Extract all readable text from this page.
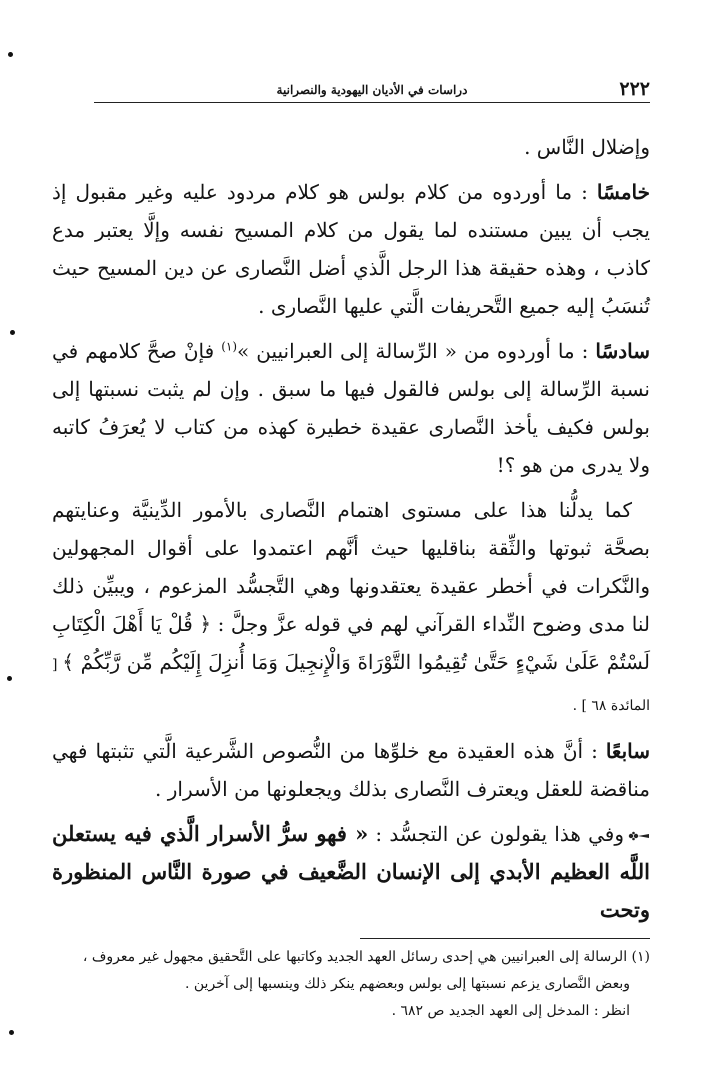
٢٢٢
دراسات في الأديان اليهودية والنصرانية

وإضلال النَّاس .

خامسًا : ما أوردوه من كلام بولس هو كلام مردود عليه وغير مقبول إذ يجب أن يبين مستنده لما يقول من كلام المسيح نفسه وإلَّا يعتبر مدع كاذب ، وهذه حقيقة هذا الرجل الَّذي أضل النَّصارى عن دين المسيح حيث تُنسَبُ إليه جميع التَّحريفات الَّتي عليها النَّصارى .

سادسًا : ما أوردوه من « الرِّسالة إلى العبرانيين »$^{(١)}$ فإنْ صحَّ كلامهم في نسبة الرِّسالة إلى بولس فالقول فيها ما سبق . وإن لم يثبت نسبتها إلى بولس فكيف يأخذ النَّصارى عقيدة خطيرة كهذه من كتاب لا يُعرَفُ كاتبه ولا يدرى من هو ؟!

كما يدلُّنا هذا على مستوى اهتمام النَّصارى بالأمور الدِّينيَّة وعنايتهم بصحَّة ثبوتها والثِّقة بناقليها حيث أنَّهم اعتمدوا على أقوال المجهولين والنَّكرات في أخطر عقيدة يعتقدونها وهي التَّجسُّد المزعوم ، ويبيِّن ذلك لنا مدى وضوح النِّداء القرآني لهم في قوله عزَّ وجلَّ : ﴿ قُلْ يَا أَهْلَ الْكِتَابِ لَسْتُمْ عَلَىٰ شَيْءٍ حَتَّىٰ تُقِيمُوا التَّوْرَاةَ وَالْإِنجِيلَ وَمَا أُنزِلَ إِلَيْكُم مِّن رَّبِّكُمْ ﴾ [ المائدة ٦٨ ] .

سابعًا : أنَّ هذه العقيدة مع خلوِّها من النُّصوص الشَّرعية الَّتي تثبتها فهي مناقضة للعقل ويعترف النَّصارى بذلك ويجعلونها من الأسرار .

وفي هذا يقولون عن التجسُّد : « فهو سرُّ الأسرار الَّذي فيه يستعلن اللَّه العظيم الأبدي إلى الإنسان الضَّعيف في صورة النَّاس المنظورة وتحت

(١) الرسالة إلى العبرانيين هي إحدى رسائل العهد الجديد وكاتبها على التَّحقيق مجهول غير معروف ،

وبعض النَّصارى يزعم نسبتها إلى بولس وبعضهم ينكر ذلك وينسبها إلى آخرين .

انظر : المدخل إلى العهد الجديد ص ٦٨٢ .
